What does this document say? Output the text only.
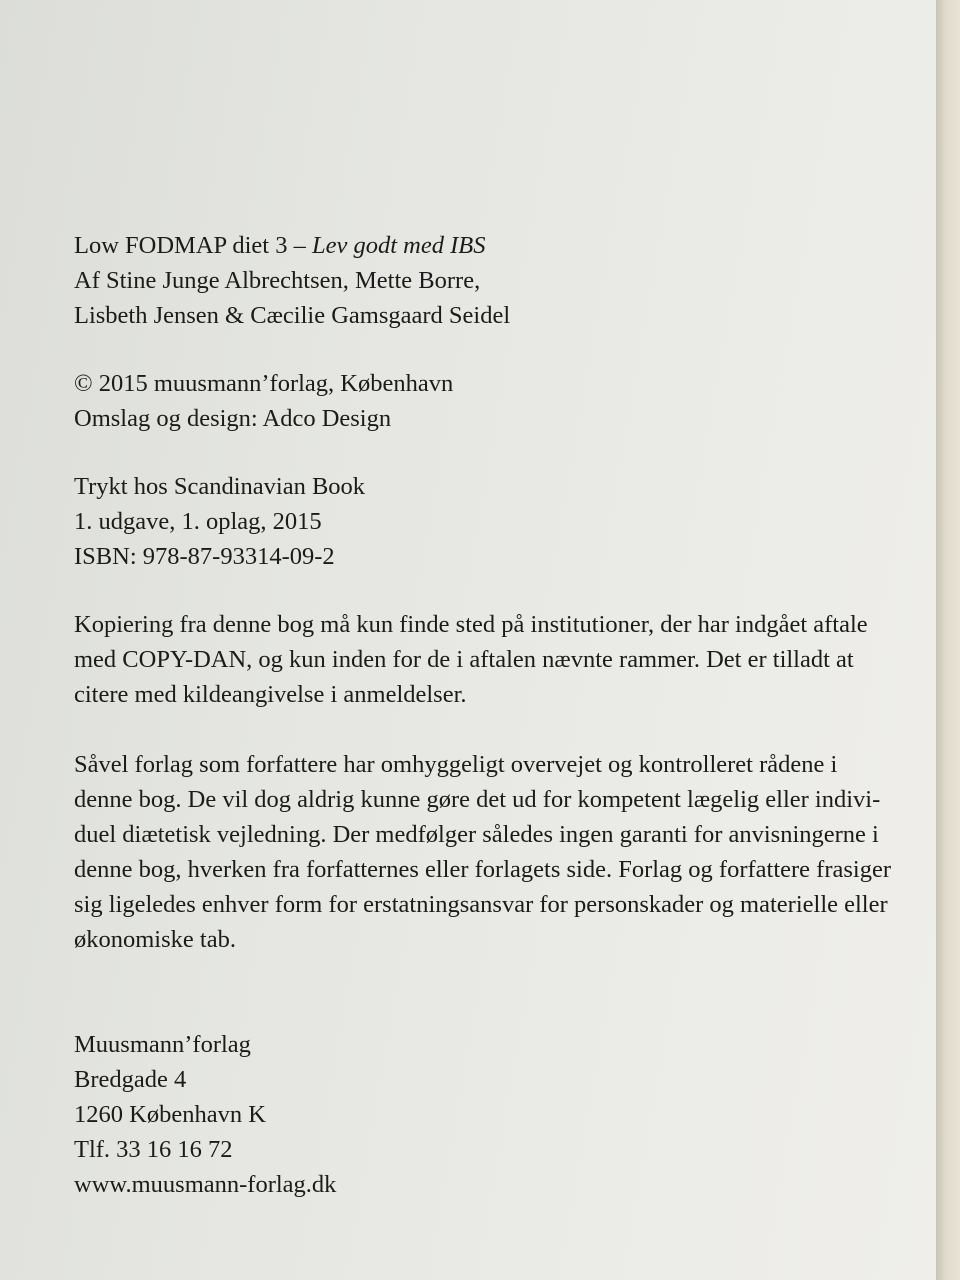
Low FODMAP diet 3 – Lev godt med IBS
Af Stine Junge Albrechtsen, Mette Borre,
Lisbeth Jensen & Cæcilie Gamsgaard Seidel
© 2015 muusmann’forlag, København
Omslag og design: Adco Design
Trykt hos Scandinavian Book
1. udgave, 1. oplag, 2015
ISBN: 978-87-93314-09-2
Kopiering fra denne bog må kun finde sted på institutioner, der har indgået aftale
med COPY-DAN, og kun inden for de i aftalen nævnte rammer. Det er tilladt at
citere med kildeangivelse i anmeldelser.
Såvel forlag som forfattere har omhyggeligt overvejet og kontrolleret rådene i
denne bog. De vil dog aldrig kunne gøre det ud for kompetent lægelig eller indivi-
duel diætetisk vejledning. Der medfølger således ingen garanti for anvisningerne i
denne bog, hverken fra forfatternes eller forlagets side. Forlag og forfattere frasiger
sig ligeledes enhver form for erstatningsansvar for personskader og materielle eller
økonomiske tab.
Muusmann’forlag
Bredgade 4
1260 København K
Tlf. 33 16 16 72
www.muusmann-forlag.dk
